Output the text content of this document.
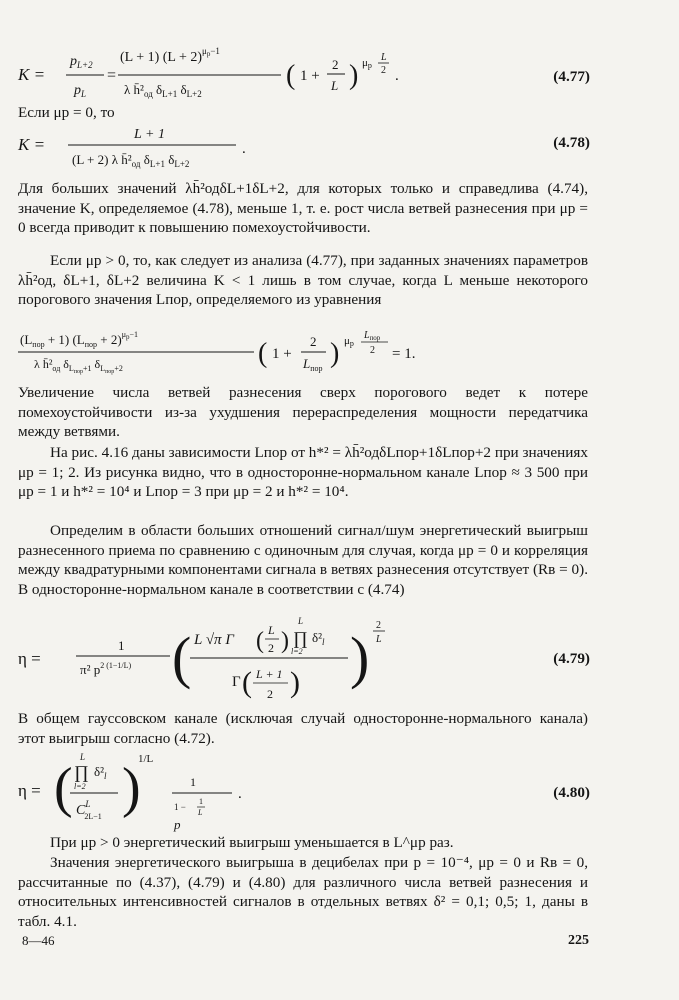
K =
$p_{L+2}$
$p_L$
=
(L + 1) $(L + 2)^\mu р-1$
λ $h̄^2_{од}$ $\delta_{L+1}$ $\delta_{L+2}$
( 1 +
2
L ) μр
L
2 .	(4.77)

Если μр = 0, то

K =
L + 1
(L + 2) λ $h̄^2_{од}$ $\delta_{L+1}$ $\delta_{L+2}$
.	(4.78)

Для больших значений λh̄²одδL+1δL+2, для которых только и справедлива (4.74), значение K, определяемое (4.78), меньше 1, т. е. рост числа ветвей разнесения при μр = 0 всегда приводит к повышению помехоустойчивости.

Если μр > 0, то, как следует из анализа (4.77), при заданных значениях параметров λh̄²од, δL+1, δL+2 величина K < 1 лишь в том случае, когда L меньше некоторого порогового значения Lпор, определяемого из уравнения

$(L_{пор} + 1) (L_{пор} + 2)^\mu р-1$
λ $h̄^2_{од}$ $\delta_Lпор+1$ $\delta_Lпор+2$	( 1 +
2
$L_{пор}$ ) μр
$L_{пор}$
2 = 1.

Увеличение числа ветвей разнесения сверх порогового ведет к потере помехоустойчивости из-за ухудшения перераспределения мощности передатчика между ветвями.

На рис. 4.16 даны зависимости Lпор от h*² = λh̄²одδLпор+1δLпор+2 при значениях μр = 1; 2. Из рисунка видно, что в односторонне-нормальном канале Lпор ≈ 3 500 при μр = 1 и h*² = 10⁴ и Lпор = 3 при μр = 2 и h*² = 10⁴.

Определим в области больших отношений сигнал/шум энергетический выигрыш разнесенного приема по сравнению с одиночным для случая, когда μр = 0 и корреляция между квадратурными компонентами сигнала в ветвях разнесения отсутствует (Rв = 0). В односторонне-нормальном канале в соответствии с (4.74)

η =
1
π² $p^{2 (1-1/L)}$ ( L √π Γ ( L
2 )
L
∏
l=2
$\delta^2_l$
Γ ( L + 1
2 ) ) 2
L
(4.79)

В общем гауссовском канале (исключая случай односторонне-нормального канала) этот выигрыш согласно (4.72).

η = ( L
∏ $\delta^2_l$
l=2
$C^L$ 2L−1 )
1/L
1
p
1 −
1
L
.	(4.80)

При μр > 0 энергетический выигрыш уменьшается в L^μр раз.

Значения энергетического выигрыша в децибелах при p = 10⁻⁴, μр = 0 и Rв = 0, рассчитанные по (4.37), (4.79) и (4.80) для различного числа ветвей разнесения и относительных интенсивностей сигналов в отдельных ветвях δ² = 0,1; 0,5; 1, даны в табл. 4.1.

8—46	225
